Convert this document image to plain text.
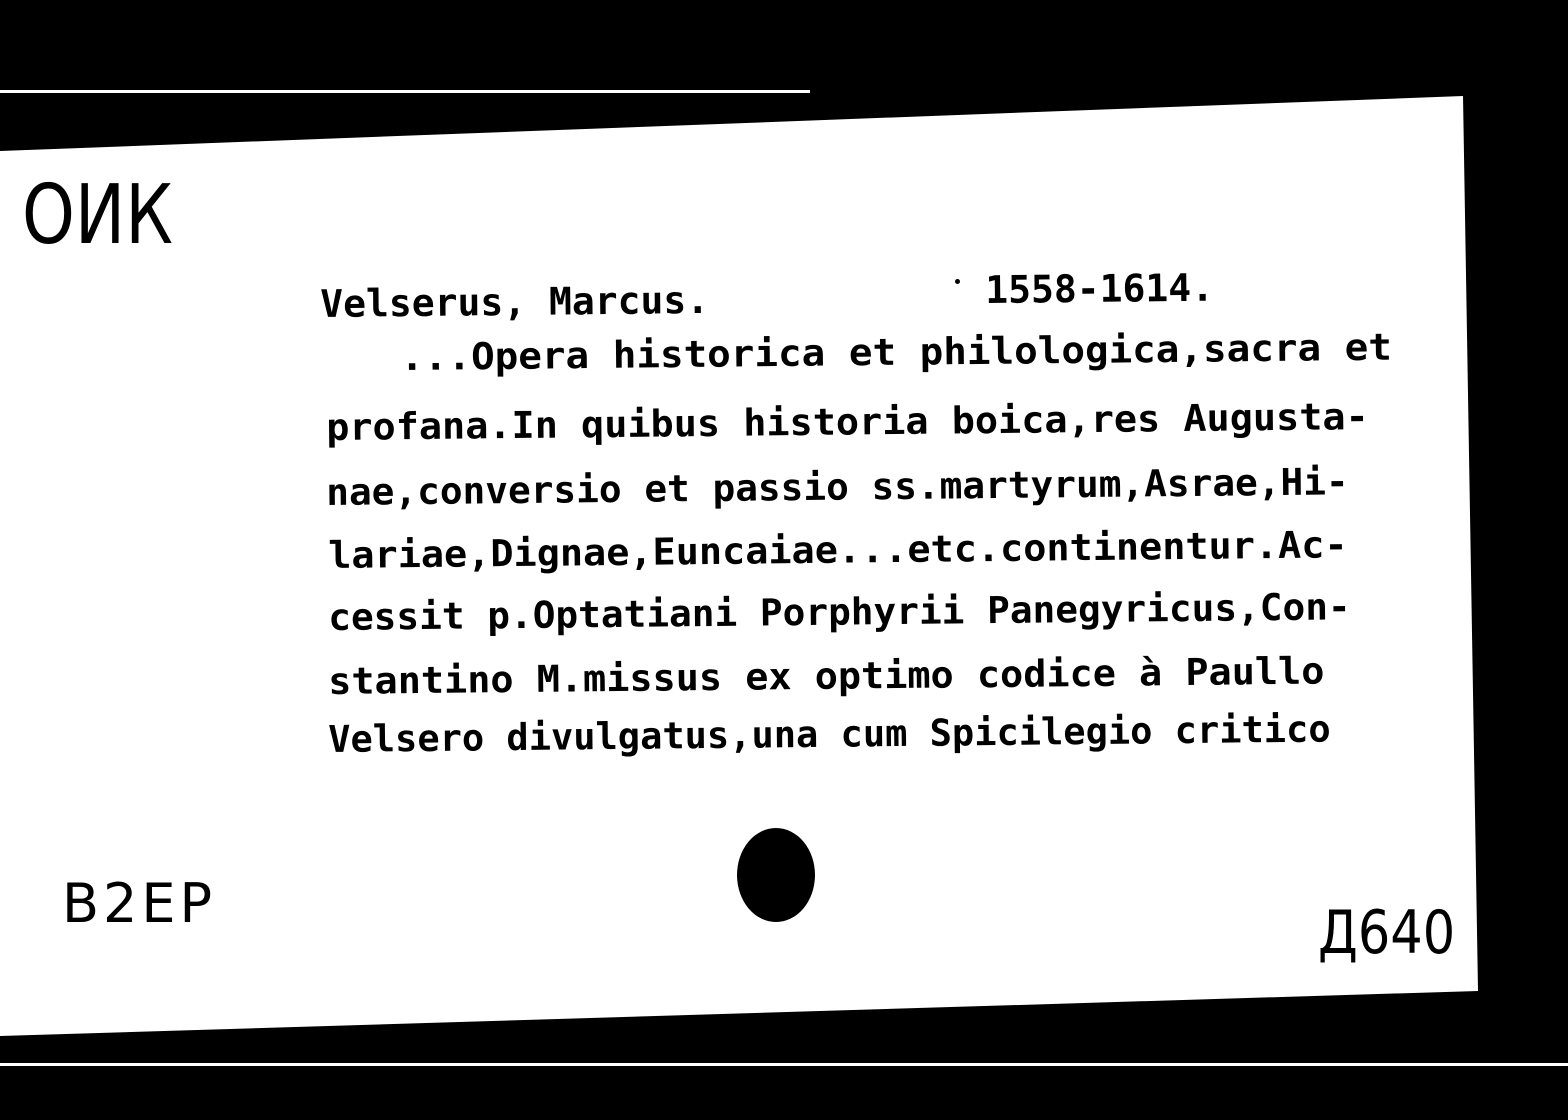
ОИК
Velserus, Marcus.	1558-1614.
...Opera historica et philologica,sacra et
profana.In quibus historia boica,res Augusta-
nae,conversio et passio ss.martyrum,Asrae,Hi-
lariae,Dignae,Euncaiae...etc.continentur.Ac-
cessit p.Optatiani Porphyrii Panegyricus,Con-
stantino M.missus ex optimo codice à Paullo
Velsero divulgatus,una cum Spicilegio critico
В2ЕР	Д640
